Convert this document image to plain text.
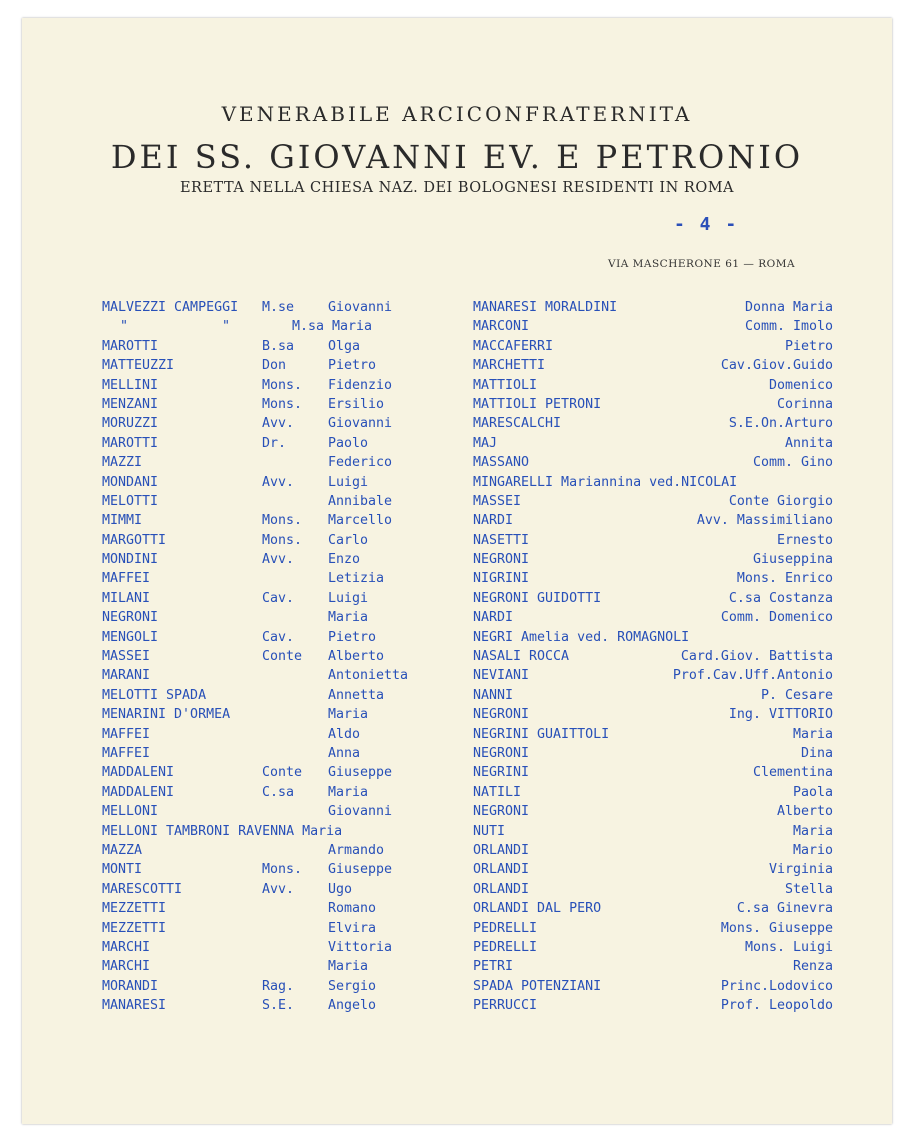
VENERABILE ARCICONFRATERNITA
DEI SS. GIOVANNI EV. E PETRONIO
ERETTA NELLA CHIESA NAZ. DEI BOLOGNESI RESIDENTI IN ROMA
- 4 -
VIA MASCHERONE 61 — ROMA
MALVEZZI CAMPEGGI M.se	Giovanni
"	"	M.sa Maria
MAROTTI	B.sa	Olga
MATTEUZZI	Don	Pietro
MELLINI	Mons. Fidenzio
MENZANI	Mons. Ersilio
MORUZZI	Avv.	Giovanni
MAROTTI	Dr.	Paolo
MAZZI	Federico
MONDANI	Avv.	Luigi
MELOTTI	Annibale
MIMMI	Mons. Marcello
MARGOTTI	Mons. Carlo
MONDINI	Avv.	Enzo
MAFFEI	Letizia
MILANI	Cav.	Luigi
NEGRONI	Maria
MENGOLI	Cav.	Pietro
MASSEI	Conte Alberto
MARANI	Antonietta
MELOTTI SPADA	Annetta
MENARINI D'ORMEA	Maria
MAFFEI	Aldo
MAFFEI	Anna
MADDALENI	Conte Giuseppe
MADDALENI	C.sa	Maria
MELLONI	Giovanni
MELLONI TAMBRONI RAVENNA Maria
MAZZA	Armando
MONTI	Mons. Giuseppe
MARESCOTTI	Avv.	Ugo
MEZZETTI	Romano
MEZZETTI	Elvira
MARCHI	Vittoria
MARCHI	Maria
MORANDI	Rag.	Sergio
MANARESI	S.E.	Angelo
MANARESI MORALDINI	Donna Maria
MARCONI	Comm. Imolo
MACCAFERRI	Pietro
MARCHETTI	Cav.Giov.Guido
MATTIOLI	Domenico
MATTIOLI PETRONI	Corinna
MARESCALCHI	S.E.On.Arturo
MAJ	Annita
MASSANO	Comm. Gino
MINGARELLI Mariannina ved.NICOLAI
MASSEI	Conte Giorgio
NARDI	Avv. Massimiliano
NASETTI	Ernesto
NEGRONI	Giuseppina
NIGRINI	Mons. Enrico
NEGRONI GUIDOTTI	C.sa Costanza
NARDI	Comm. Domenico
NEGRI Amelia ved. ROMAGNOLI
NASALI ROCCA	Card.Giov. Battista
NEVIANI	Prof.Cav.Uff.Antonio
NANNI	P. Cesare
NEGRONI	Ing. VITTORIO
NEGRINI GUAITTOLI	Maria
NEGRONI	Dina
NEGRINI	Clementina
NATILI	Paola
NEGRONI	Alberto
NUTI	Maria
ORLANDI	Mario
ORLANDI	Virginia
ORLANDI	Stella
ORLANDI DAL PERO	C.sa Ginevra
PEDRELLI	Mons. Giuseppe
PEDRELLI	Mons. Luigi
PETRI	Renza
SPADA POTENZIANI	Princ.Lodovico
PERRUCCI	Prof. Leopoldo
